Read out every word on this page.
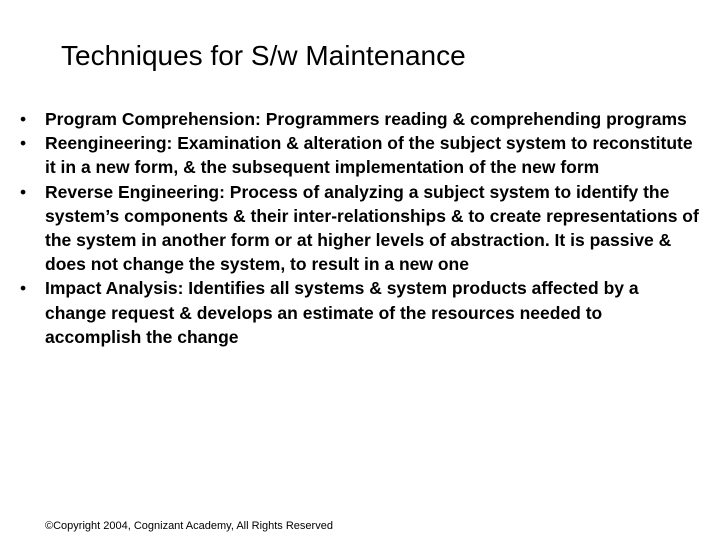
Techniques for S/w Maintenance
•	Program Comprehension: Programmers reading & comprehending programs
•	Reengineering: Examination & alteration of the subject system to reconstitute it in a new form, & the subsequent implementation of the new form
•	Reverse Engineering: Process of analyzing a subject system to identify the system’s components & their inter-relationships & to create representations of the system in another form or at higher levels of abstraction. It is passive & does not change the system, to result in a new one
•	Impact Analysis: Identifies all systems & system products affected by a change request & develops an estimate of the resources needed to accomplish the change
©Copyright 2004, Cognizant Academy, All Rights Reserved
